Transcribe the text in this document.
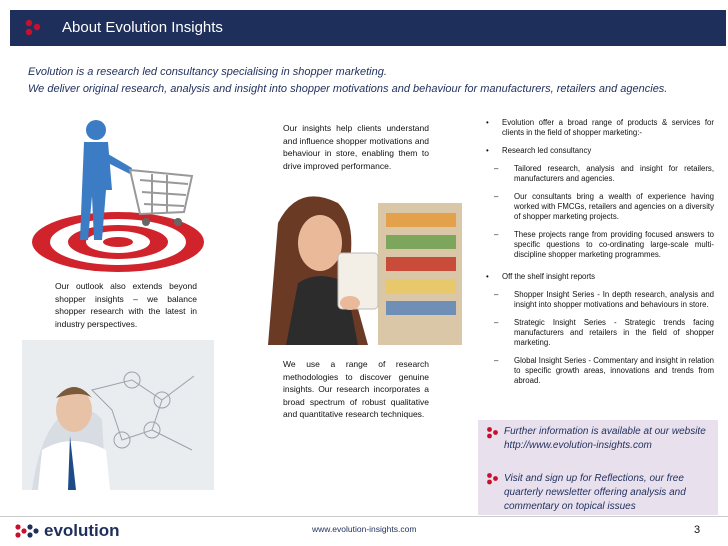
About Evolution Insights
Evolution is a research led consultancy specialising in shopper marketing.
We deliver original research, analysis and insight into shopper motivations and behaviour for manufacturers, retailers and agencies.
Our outlook also extends beyond shopper insights – we balance shopper research with the latest in industry perspectives.
Our insights help clients understand and influence shopper motivations and behaviour in store, enabling them to drive improved performance.
We use a range of research methodologies to discover genuine insights. Our research incorporates a broad spectrum of robust qualitative and quantitative research techniques.
• Evolution offer a broad range of products & services for clients in the field of shopper marketing:-
• Research led consultancy
– Tailored research, analysis and insight for retailers, manufacturers and agencies.
– Our consultants bring a wealth of experience having worked with FMCGs, retailers and agencies on a diversity of shopper marketing projects.
– These projects range from providing focused answers to specific questions to co-ordinating large-scale multi-discipline shopper marketing programmes.
• Off the shelf insight reports
– Shopper Insight Series - In depth research, analysis and insight into shopper motivations and behaviours in store.
– Strategic Insight Series - Strategic trends facing manufacturers and retailers in the field of shopper marketing.
– Global Insight Series - Commentary and insight in relation to specific growth areas, innovations and trends from abroad.
Further information is available at our website http://www.evolution-insights.com
Visit and sign up for Reflections, our free quarterly newsletter offering analysis and commentary on topical issues
evolution	www.evolution-insights.com	3
